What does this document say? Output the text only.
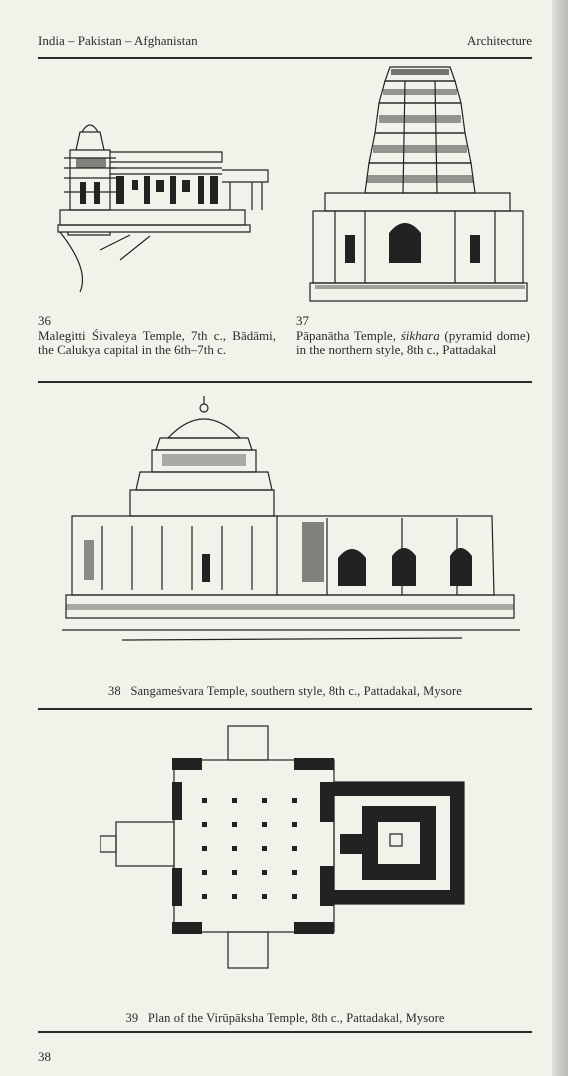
India – Pakistan – Afghanistan	Architecture
36
Malegitti Śivaleya Temple, 7th c., Bādāmi, the Calukya capital in the 6th–7th c.
37
Pāpanātha Temple, śikhara (pyramid dome) in the northern style, 8th c., Pattadakal
38 Sangameśvara Temple, southern style, 8th c., Pattadakal, Mysore
39 Plan of the Virūpāksha Temple, 8th c., Pattadakal, Mysore
38
